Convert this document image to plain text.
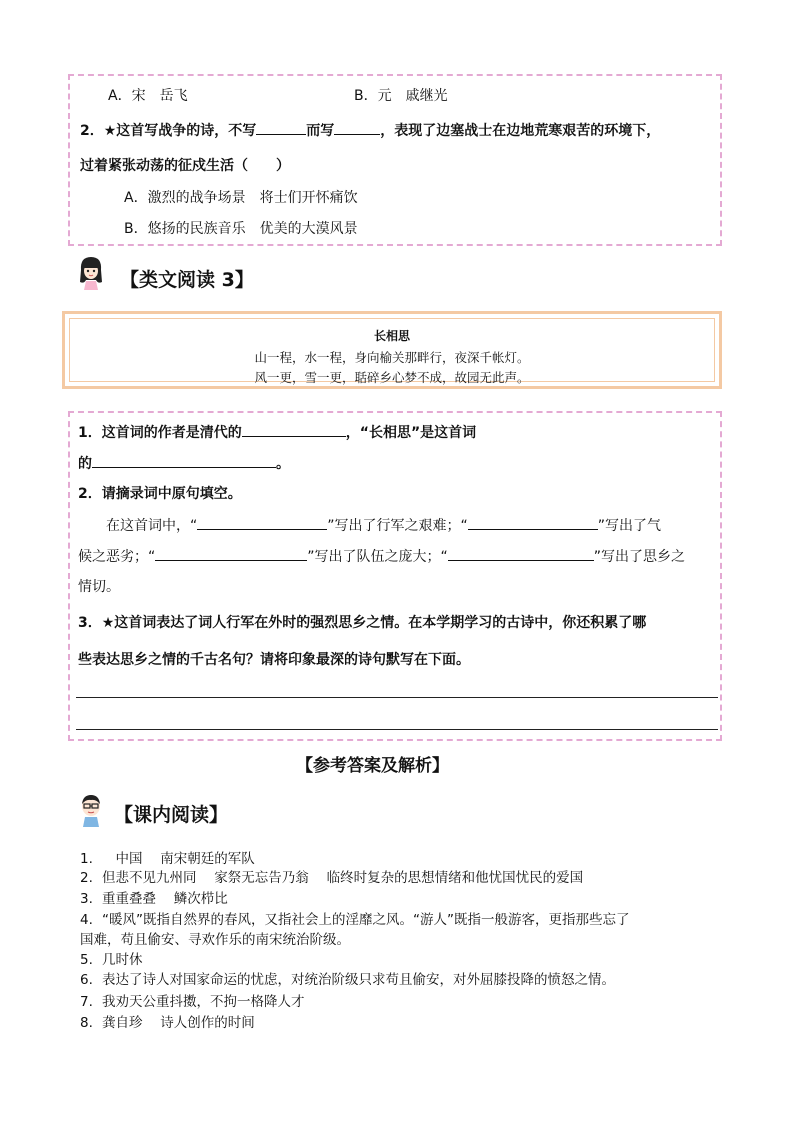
A．宋　岳飞	B．元　戚继光
2．★这首写战争的诗，不写	而写	，表现了边塞战士在边地荒寒艰苦的环境下，
过着紧张动荡的征戍生活（　　）
A．激烈的战争场景　将士们开怀痛饮
B．悠扬的民族音乐　优美的大漠风景
【类文阅读 3】
长相思
山一程，水一程，身向榆关那畔行，夜深千帐灯。
风一更，雪一更，聒碎乡心梦不成，故园无此声。
1．这首词的作者是清代的	，“长相思”是这首词
的	。
2．请摘录词中原句填空。
在这首词中，“	”写出了行军之艰难；“	”写出了气
候之恶劣；“	”写出了队伍之庞大；“	”写出了思乡之
情切。
3．★这首词表达了词人行军在外时的强烈思乡之情。在本学期学习的古诗中，你还积累了哪
些表达思乡之情的千古名句？请将印象最深的诗句默写在下面。
【参考答案及解析】
【课内阅读】
1.　中国　 南宋朝廷的军队
2. 但悲不见九州同　 家祭无忘告乃翁　 临终时复杂的思想情绪和他忧国忧民的爱国
3. 重重叠叠　 鳞次栉比
4. “暖风”既指自然界的春风，又指社会上的淫靡之风。“游人”既指一般游客，更指那些忘了
国难，苟且偷安、寻欢作乐的南宋统治阶级。
5. 几时休
6. 表达了诗人对国家命运的忧虑，对统治阶级只求苟且偷安，对外屈膝投降的愤怒之情。
7. 我劝天公重抖擞，不拘一格降人才
8. 龚自珍　 诗人创作的时间
